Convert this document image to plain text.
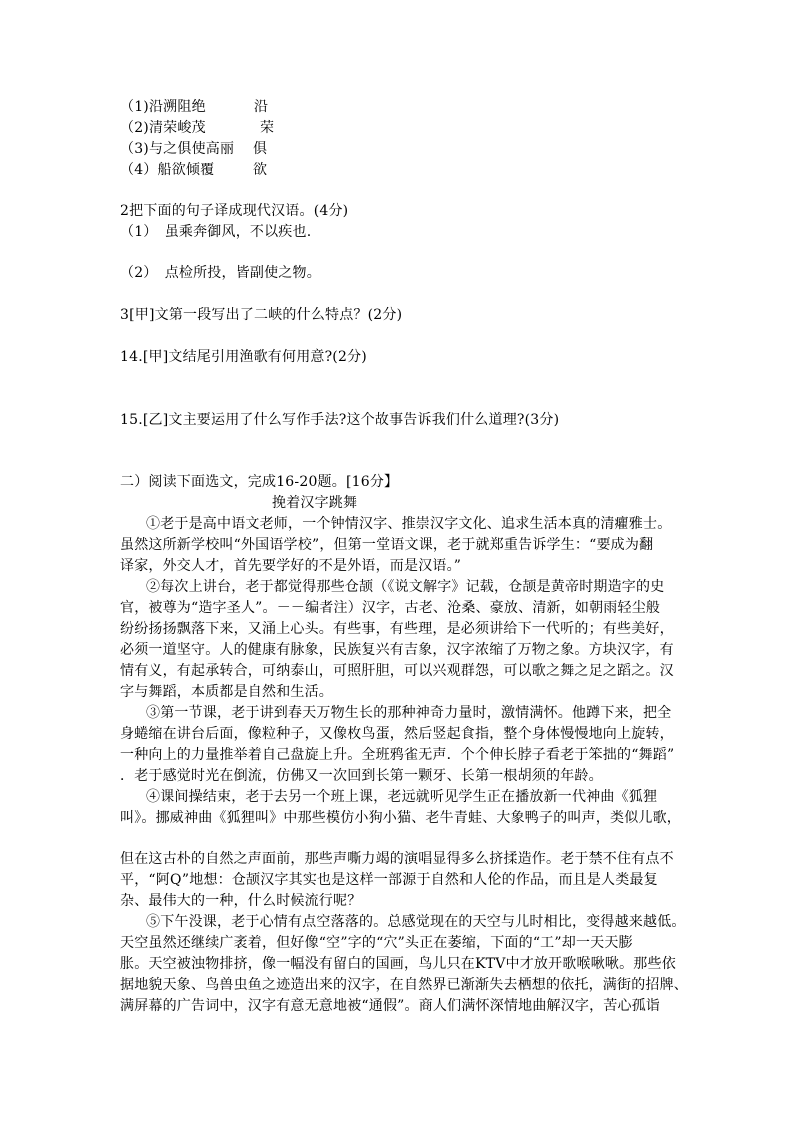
（1)沿溯阻绝	沿
（2)清荣峻茂	荣
（3)与之俱使高丽 俱
（4）船欲倾覆	欲
2把下面的句子译成现代汉语。(4分)
（1）　虽乘奔御风，不以疾也.
（2）　点检所投，皆副使之物。
3[甲]文第一段写出了二峡的什么特点？(2分)
14.[甲]文结尾引用渔歌有何用意?(2分)
15.[乙]文主要运用了什么写作手法?这个故事告诉我们什么道理?(3分)
二）阅读下面选文，完成16-20题。[16分】
挽着汉字跳舞
①老于是高中语文老师，一个钟情汉字、推崇汉字文化、追求生活本真的清癯雅士。
虽然这所新学校叫“外国语学校”，但第一堂语文课，老于就郑重告诉学生：“要成为翻
译家，外交人才，首先要学好的不是外语，而是汉语。”
②每次上讲台，老于都觉得那些仓颉（《说文解字》记载，仓颉是黄帝时期造字的史
官，被尊为“造字圣人”。－－编者注）汉字，古老、沧桑、豪放、清新，如朝雨轻尘般
纷纷扬扬飘落下来，又涌上心头。有些事，有些理，是必须讲给下一代听的；有些美好，
必须一道坚守。人的健康有脉象，民族复兴有吉象，汉字浓缩了万物之象。方块汉字，有
情有义，有起承转合，可纳泰山，可照肝胆，可以兴观群怨，可以歌之舞之足之蹈之。汉
字与舞蹈，本质都是自然和生活。
③第一节课，老于讲到春天万物生长的那种神奇力量时，激情满怀。他蹲下来，把全
身蜷缩在讲台后面，像粒种子，又像枚鸟蛋，然后竖起食指，整个身体慢慢地向上旋转，
一种向上的力量推举着自己盘旋上升。全班鸦雀无声．个个伸长脖子看老于笨拙的“舞蹈”
．老于感觉时光在倒流，仿佛又一次回到长第一颗牙、长第一根胡须的年龄。
④课间操结束，老于去另一个班上课，老远就听见学生正在播放新一代神曲《狐狸
叫》。挪威神曲《狐狸叫》中那些模仿小狗小猫、老牛青蛙、大象鸭子的叫声，类似儿歌，
但在这古朴的自然之声面前，那些声嘶力竭的演唱显得多么挤揉造作。老于禁不住有点不
平，“阿Q”地想：仓颉汉字其实也是这样一部源于自然和人伦的作品，而且是人类最复
杂、最伟大的一种，什么时候流行呢？
⑤下午没课，老于心情有点空落落的。总感觉现在的天空与儿时相比，变得越来越低。
天空虽然还继续广袤着，但好像“空”字的“穴”头正在萎缩，下面的“工”却一天天膨
胀。天空被浊物排挤，像一幅没有留白的国画，鸟儿只在KTV中才放开歌喉啾啾。那些依
据地貌天象、鸟兽虫鱼之迹造出来的汉字，在自然界已渐渐失去栖想的依托，满街的招牌、
满屏幕的广告词中，汉字有意无意地被“通假”。商人们满怀深情地曲解汉字，苦心孤诣
